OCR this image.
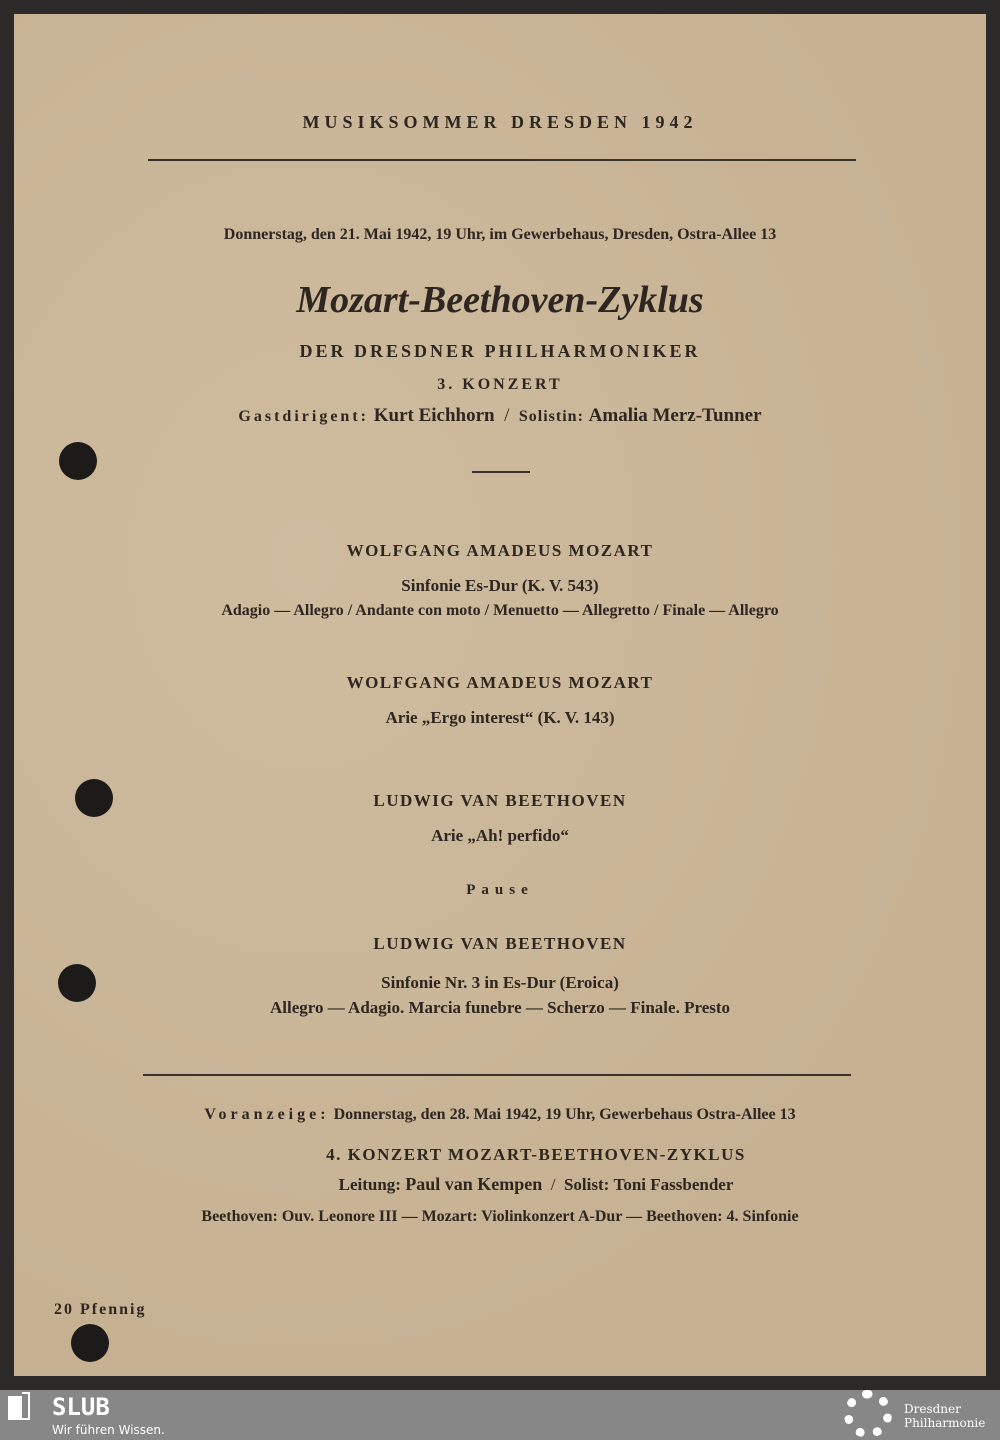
MUSIKSOMMER DRESDEN 1942
Donnerstag, den 21. Mai 1942, 19 Uhr, im Gewerbehaus, Dresden, Ostra-Allee 13
Mozart-Beethoven-Zyklus
DER DRESDNER PHILHARMONIKER
3. KONZERT
Gastdirigent: Kurt Eichhorn  /  Solistin: Amalia Merz-Tunner
WOLFGANG AMADEUS MOZART
Sinfonie Es-Dur (K. V. 543)
Adagio — Allegro / Andante con moto / Menuetto — Allegretto / Finale — Allegro
WOLFGANG AMADEUS MOZART
Arie „Ergo interest“ (K. V. 143)
LUDWIG VAN BEETHOVEN
Arie „Ah! perfido“
Pause
LUDWIG VAN BEETHOVEN
Sinfonie Nr. 3 in Es-Dur (Eroica)
Allegro — Adagio. Marcia funebre — Scherzo — Finale. Presto
Voranzeige: Donnerstag, den 28. Mai 1942, 19 Uhr, Gewerbehaus Ostra-Allee 13
4. KONZERT MOZART-BEETHOVEN-ZYKLUS
Leitung: Paul van Kempen  /  Solist: Toni Fassbender
Beethoven: Ouv. Leonore III — Mozart: Violinkonzert A-Dur — Beethoven: 4. Sinfonie
20 Pfennig
SLUB
Wir führen Wissen.
Dresdner
Philharmonie
